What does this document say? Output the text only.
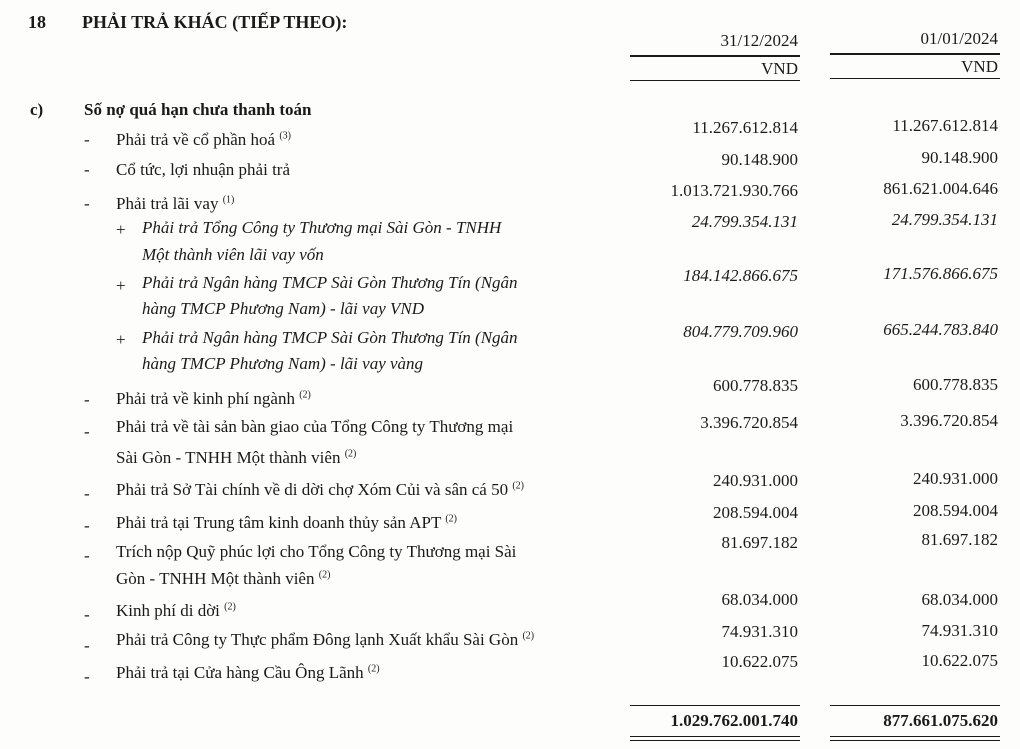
18 PHẢI TRẢ KHÁC (TIẾP THEO):
31/12/2024	01/01/2024
VND	VND
c) Số nợ quá hạn chưa thanh toán
- Phải trả về cổ phần hoá $^{(3)}$	11.267.612.814	11.267.612.814
- Cổ tức, lợi nhuận phải trả
90.148.900	90.148.900
- Phải trả lãi vay $^{(1)}$	1.013.721.930.766	861.621.004.646
+ Phải trả Tổng Công ty Thương mại Sài Gòn - TNHH
Một thành viên lãi vay vốn
24.799.354.131	24.799.354.131
+ Phải trả Ngân hàng TMCP Sài Gòn Thương Tín (Ngân
hàng TMCP Phương Nam) - lãi vay VND
184.142.866.675	171.576.866.675
+ Phải trả Ngân hàng TMCP Sài Gòn Thương Tín (Ngân
hàng TMCP Phương Nam) - lãi vay vàng
804.779.709.960	665.244.783.840
- Phải trả về kinh phí ngành $^{(2)}$	600.778.835	600.778.835
- Phải trả về tài sản bàn giao của Tổng Công ty Thương mại
Sài Gòn - TNHH Một thành viên $^{(2)}$
3.396.720.854	3.396.720.854
- Phải trả Sở Tài chính về di dời chợ Xóm Củi và sân cá 50 $^{(2)}$	240.931.000	240.931.000
- Phải trả tại Trung tâm kinh doanh thủy sản APT $^{(2)}$	208.594.004	208.594.004
- Trích nộp Quỹ phúc lợi cho Tổng Công ty Thương mại Sài
Gòn - TNHH Một thành viên $^{(2)}$
81.697.182	81.697.182
- Kinh phí di dời $^{(2)}$	68.034.000	68.034.000
- Phải trả Công ty Thực phẩm Đông lạnh Xuất khẩu Sài Gòn $^{(2)}$	74.931.310	74.931.310
- Phải trả tại Cửa hàng Cầu Ông Lãnh $^{(2)}$	10.622.075	10.622.075
1.029.762.001.740	877.661.075.620
